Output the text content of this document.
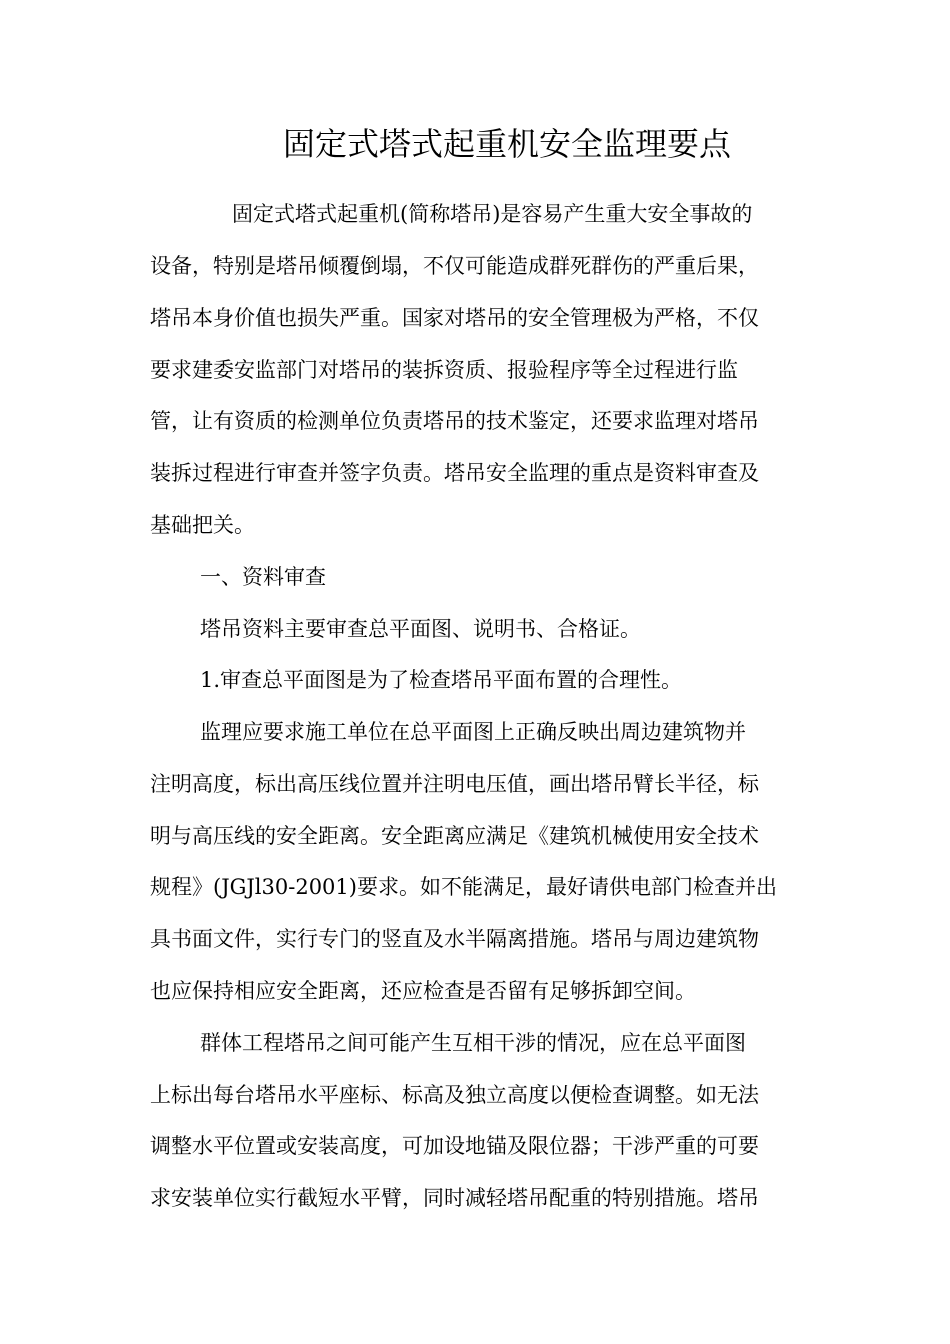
固定式塔式起重机安全监理要点
固定式塔式起重机(简称塔吊)是容易产生重大安全事故的
设备，特别是塔吊倾覆倒塌，不仅可能造成群死群伤的严重后果，
塔吊本身价值也损失严重。国家对塔吊的安全管理极为严格，不仅
要求建委安监部门对塔吊的装拆资质、报验程序等全过程进行监
管，让有资质的检测单位负责塔吊的技术鉴定，还要求监理对塔吊
装拆过程进行审查并签字负责。塔吊安全监理的重点是资料审查及
基础把关。
一、资料审查
塔吊资料主要审查总平面图、说明书、合格证。
1.审查总平面图是为了检查塔吊平面布置的合理性。
监理应要求施工单位在总平面图上正确反映出周边建筑物并
注明高度，标出高压线位置并注明电压值，画出塔吊臂长半径，标
明与高压线的安全距离。安全距离应满足《建筑机械使用安全技术
规程》(JGJl30-2001)要求。如不能满足，最好请供电部门检查并出
具书面文件，实行专门的竖直及水半隔离措施。塔吊与周边建筑物
也应保持相应安全距离，还应检查是否留有足够拆卸空间。
群体工程塔吊之间可能产生互相干涉的情况，应在总平面图
上标出每台塔吊水平座标、标高及独立高度以便检查调整。如无法
调整水平位置或安装高度，可加设地锚及限位器；干涉严重的可要
求安装单位实行截短水平臂，同时减轻塔吊配重的特别措施。塔吊
